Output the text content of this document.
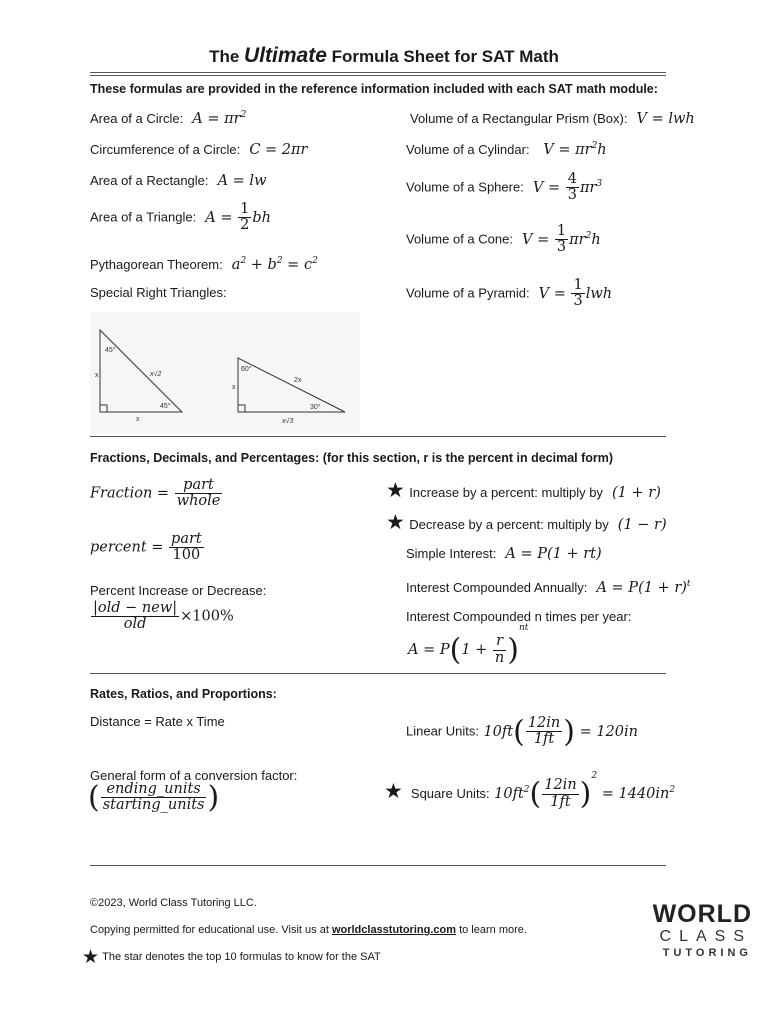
The Ultimate Formula Sheet for SAT Math
These formulas are provided in the reference information included with each SAT math module:
Area of a Circle:  $A = \pi r^2$
Circumference of a Circle:  C = 2πr
Area of a Rectangle:  A = lw
Area of a Triangle:  $A = \frac{1}{2}$ bh
Pythagorean Theorem:  $a^2 + b^2 = c^2$
Special Right Triangles:
45°
45°
x
x
x√2
60°
30°
x
x√3
2x
Volume of a Rectangular Prism (Box):  V = lwh
Volume of a Cylindar:   $V = \pi r^2h$
Volume of a Sphere:  $V = \frac{4}{3} \pi r^3$
Volume of a Cone:  $V = \frac{1}{3} \pi r^2h$
Volume of a Pyramid:  $V = \frac{1}{3}$ lwh
Fractions, Decimals, and Percentages: (for this section, r is the percent in decimal form)
Fraction = $\frac{\text{part}}{\text{whole}}$
percent = $\frac{\text{part}}{100}$
Percent Increase or Decrease:
$\frac{\text{|old − new|}}{\text{old}} \times 100\%$
★ Increase by a percent: multiply by  (1 + r)
★ Decrease by a percent: multiply by  (1 − r)
Simple Interest:  A = P(1 + rt)
Interest Compounded Annually:  $A = P(1 + r)^t$
Interest Compounded n times per year:
$A = P(1 + \frac{r}{n} )^{nt}$
Rates, Ratios, and Proportions:
Distance = Rate x Time
General form of a conversion factor:
( $\frac{\text{ending\_units}}{\text{starting\_units}}$ )
Linear Units: $10ft( \frac{12in}{1ft}$ ) = 120in
★ Square Units: $10ft^2( \frac{12in}{1ft} )^2 = 1440in^2$
©2023, World Class Tutoring LLC.
Copying permitted for educational use. Visit us at worldclasstutoring.com to learn more.
★ The star denotes the top 10 formulas to know for the SAT
WORLD
CLASS
TUTORING
